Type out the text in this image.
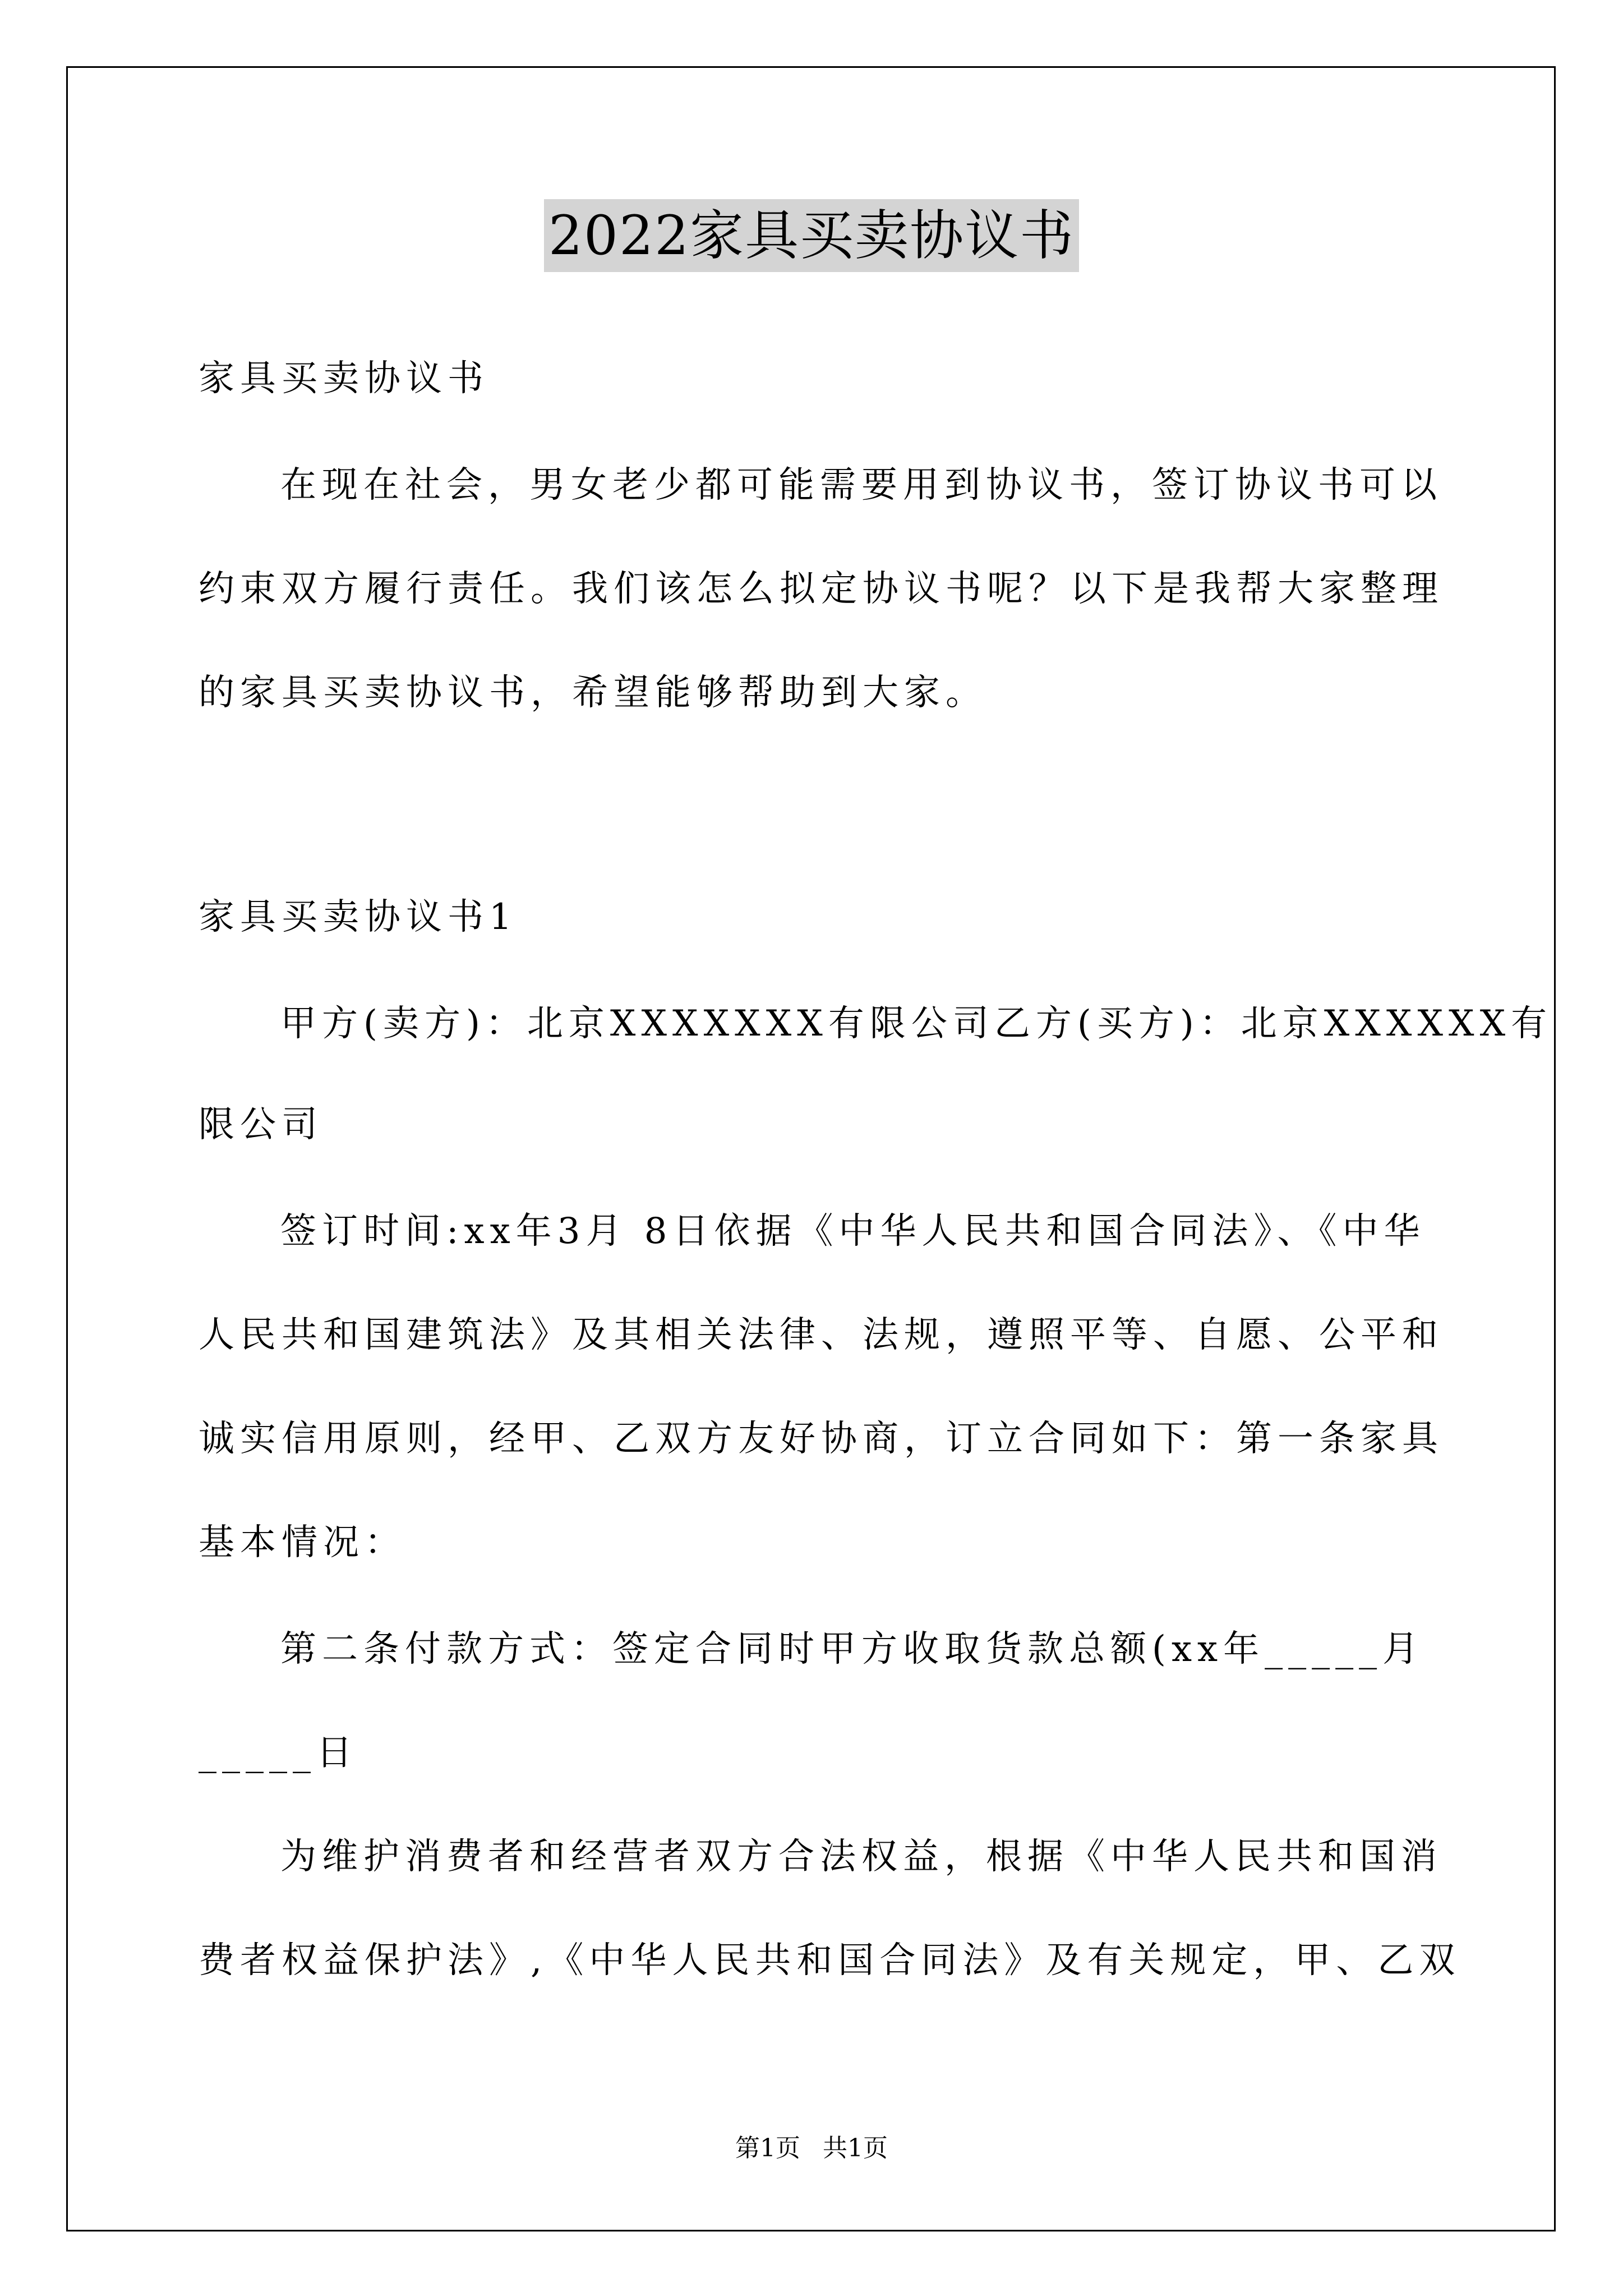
2022家具买卖协议书
家具买卖协议书
在现在社会，男女老少都可能需要用到协议书，签订协议书可以
约束双方履行责任。我们该怎么拟定协议书呢？以下是我帮大家整理
的家具买卖协议书，希望能够帮助到大家。
家具买卖协议书1
甲方(卖方)：北京XXXXXXX有限公司乙方(买方)：北京XXXXXX有
限公司
签订时间:xx年3月 8日依据《中华人民共和国合同法》、《中华
人民共和国建筑法》及其相关法律、法规，遵照平等、自愿、公平和
诚实信用原则，经甲、乙双方友好协商，订立合同如下：第一条家具
基本情况：
第二条付款方式：签定合同时甲方收取货款总额(xx年_____月
_____日
为维护消费者和经营者双方合法权益，根据《中华人民共和国消
费者权益保护法》,《中华人民共和国合同法》及有关规定，甲、乙双
第1页 共1页
